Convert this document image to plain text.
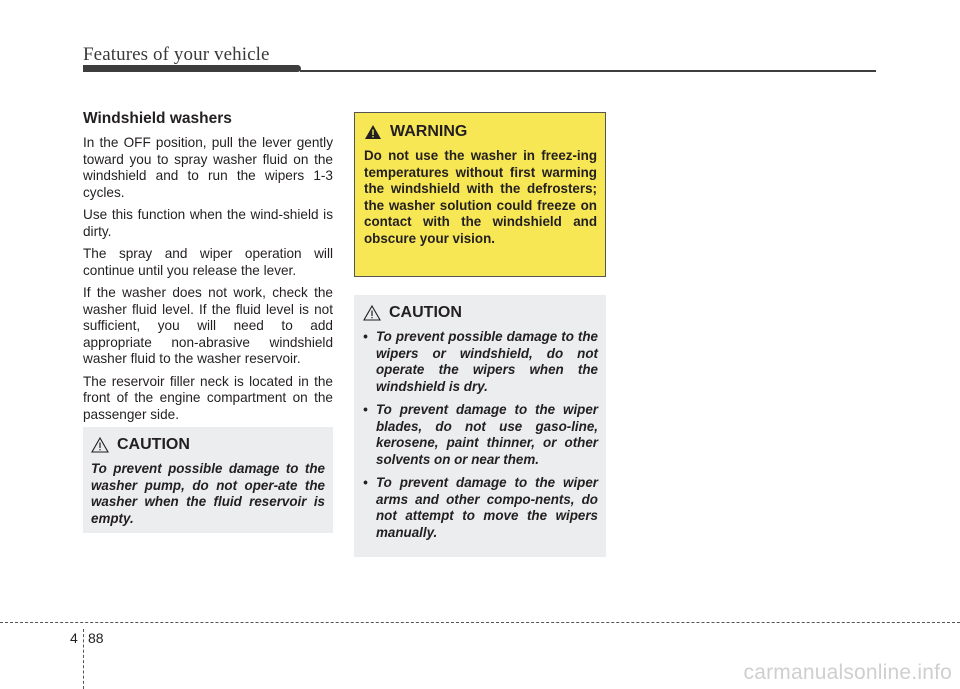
Features of your vehicle
Windshield washers

In the OFF position, pull the lever gently toward you to spray washer fluid on the windshield and to run the wipers 1-3 cycles.

Use this function when the wind-shield is dirty.

The spray and wiper operation will continue until you release the lever.

If the washer does not work, check the washer fluid level. If the fluid level is not sufficient, you will need to add appropriate non-abrasive windshield washer fluid to the washer reservoir.

The reservoir filler neck is located in the front of the engine compartment on the passenger side.

CAUTION

To prevent possible damage to the washer pump, do not oper-ate the washer when the fluid reservoir is empty.

WARNING

Do not use the washer in freez-ing temperatures without first warming the windshield with the defrosters; the washer solution could freeze on contact with the windshield and obscure your vision.

CAUTION
• To prevent possible damage to the wipers or windshield, do not operate the wipers when the windshield is dry.
• To prevent damage to the wiper blades, do not use gaso-line, kerosene, paint thinner, or other solvents on or near them.
• To prevent damage to the wiper arms and other compo-nents, do not attempt to move the wipers manually.
4 88
carmanualsonline.info
